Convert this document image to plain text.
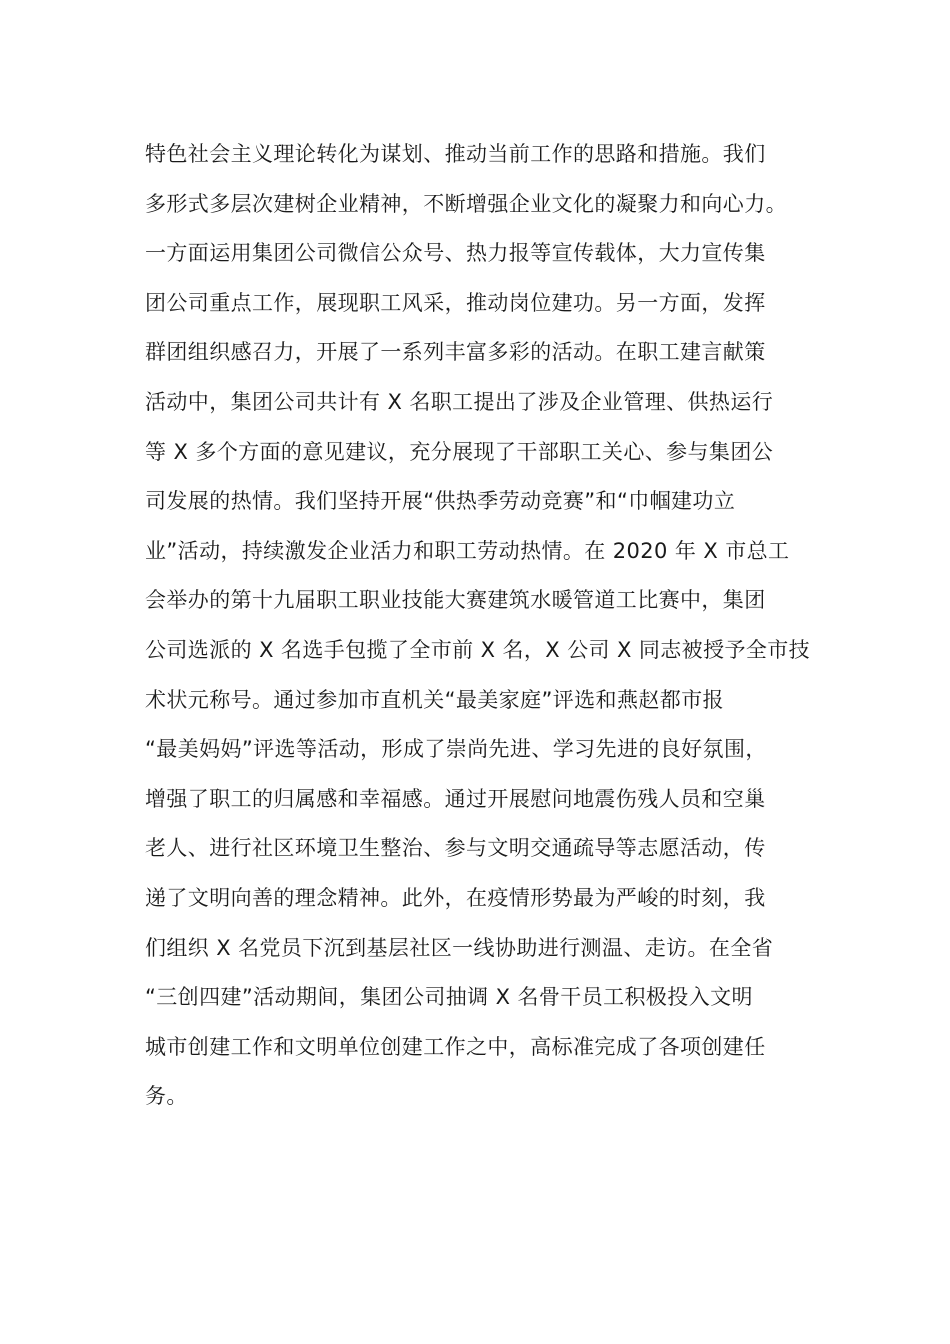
特色社会主义理论转化为谋划、推动当前工作的思路和措施。我们
多形式多层次建树企业精神，不断增强企业文化的凝聚力和向心力。
一方面运用集团公司微信公众号、热力报等宣传载体，大力宣传集
团公司重点工作，展现职工风采，推动岗位建功。另一方面，发挥
群团组织感召力，开展了一系列丰富多彩的活动。在职工建言献策
活动中，集团公司共计有 X 名职工提出了涉及企业管理、供热运行
等 X 多个方面的意见建议，充分展现了干部职工关心、参与集团公
司发展的热情。我们坚持开展“供热季劳动竞赛”和“巾帼建功立
业”活动，持续激发企业活力和职工劳动热情。在 2020 年 X 市总工
会举办的第十九届职工职业技能大赛建筑水暖管道工比赛中，集团
公司选派的 X 名选手包揽了全市前 X 名，X 公司 X 同志被授予全市技
术状元称号。通过参加市直机关“最美家庭”评选和燕赵都市报
“最美妈妈”评选等活动，形成了崇尚先进、学习先进的良好氛围，
增强了职工的归属感和幸福感。通过开展慰问地震伤残人员和空巢
老人、进行社区环境卫生整治、参与文明交通疏导等志愿活动，传
递了文明向善的理念精神。此外，在疫情形势最为严峻的时刻，我
们组织 X 名党员下沉到基层社区一线协助进行测温、走访。在全省
“三创四建”活动期间，集团公司抽调 X 名骨干员工积极投入文明
城市创建工作和文明单位创建工作之中，高标准完成了各项创建任
务。
